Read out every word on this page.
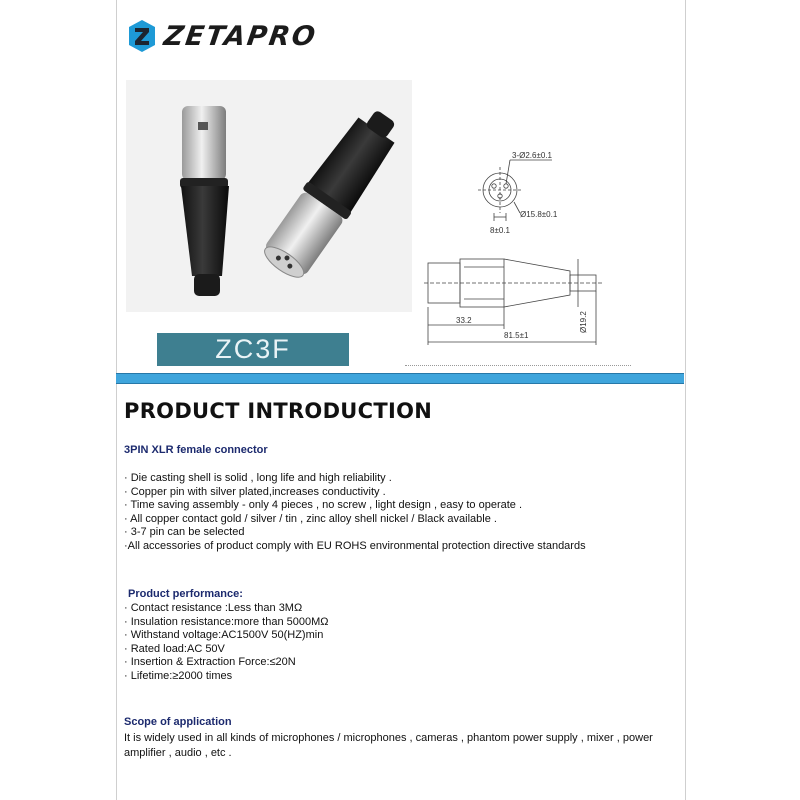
ZETAPRO
ZC3F
3-Ø2.6±0.1
Ø15.8±0.1
8±0.1
33.2
81.5±1
Ø19.2
PRODUCT INTRODUCTION

3PIN XLR female connector

· Die casting shell is solid , long life and high reliability .
· Copper pin with silver plated,increases conductivity .
· Time saving assembly - only 4 pieces , no screw , light design , easy to operate .
· All copper contact gold / silver / tin , zinc alloy shell nickel / Black available .
· 3-7 pin can be selected
·All accessories of product comply with EU ROHS environmental protection directive standards

Product performance:

· Contact resistance :Less than 3MΩ
· Insulation resistance:more than 5000MΩ
· Withstand voltage:AC1500V 50(HZ)min
· Rated load:AC 50V
· Insertion & Extraction Force:≤20N
· Lifetime:≥2000 times

Scope of application

It is widely used in all kinds of microphones / microphones , cameras , phantom power supply , mixer , power amplifier , audio , etc .
